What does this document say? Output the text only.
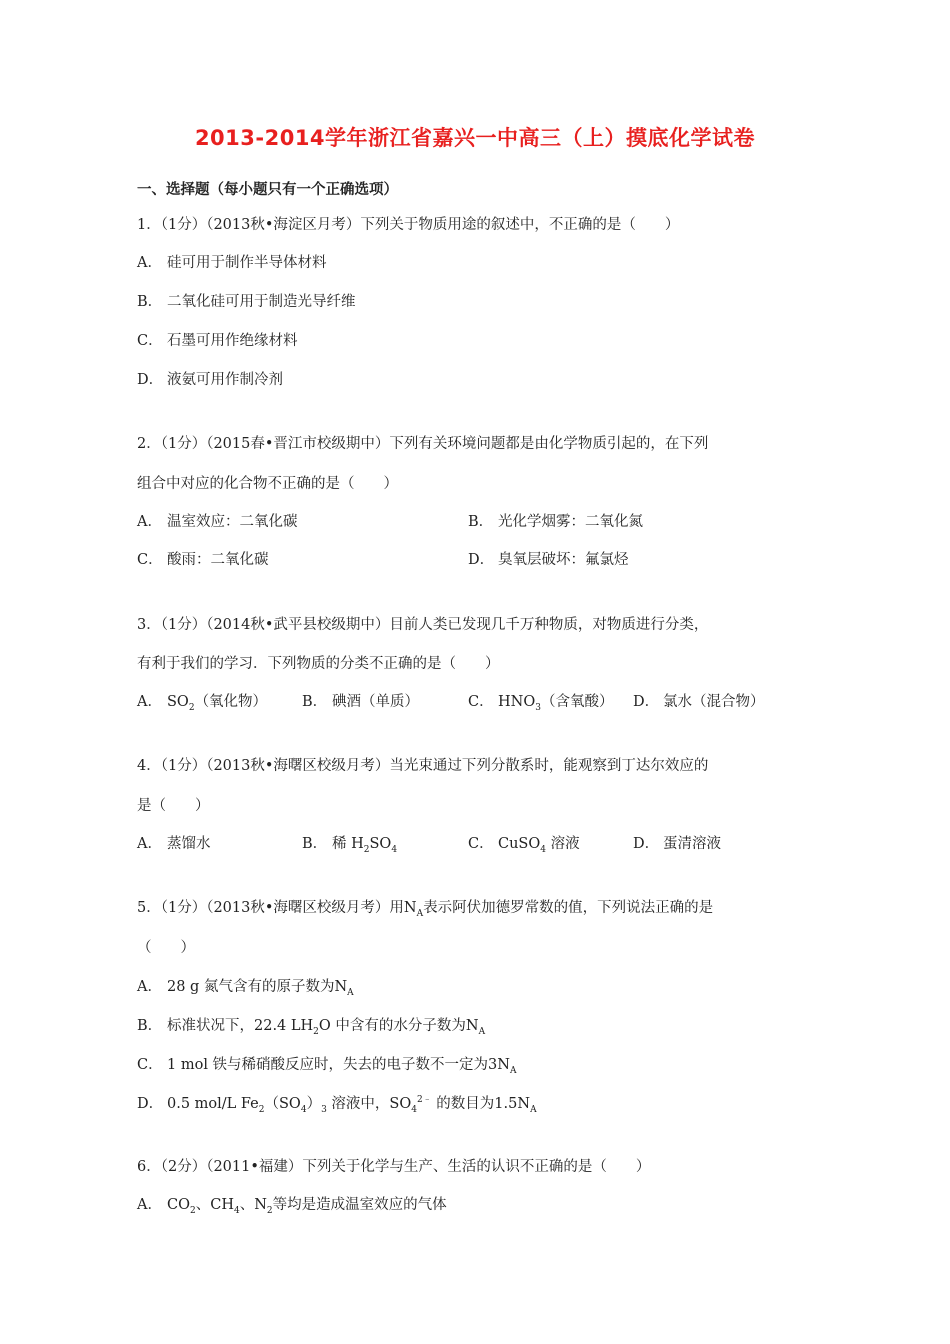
2013-2014学年浙江省嘉兴一中高三（上）摸底化学试卷
一、选择题（每小题只有一个正确选项）
1．（1分）（2013秋•海淀区月考）下列关于物质用途的叙述中，不正确的是（　　）
A． 硅可用于制作半导体材料
B． 二氧化硅可用于制造光导纤维
C． 石墨可用作绝缘材料
D． 液氨可用作制冷剂
2．（1分）（2015春•晋江市校级期中）下列有关环境问题都是由化学物质引起的，在下列
组合中对应的化合物不正确的是（　　）
A． 温室效应：二氧化碳	B． 光化学烟雾：二氧化氮
C． 酸雨：二氧化碳	D． 臭氧层破坏：氟氯烃
3．（1分）（2014秋•武平县校级期中）目前人类已发现几千万种物质，对物质进行分类，
有利于我们的学习．下列物质的分类不正确的是（　　）
A． $SO_2$（氧化物） B． 碘酒（单质）	C． $HNO_3$（含氧酸） D． 氯水（混合物）
4．（1分）（2013秋•海曙区校级月考）当光束通过下列分散系时，能观察到丁达尔效应的
是（　　）
A． 蒸馏水	B． 稀 $H_2SO_4$	C． CuSO$_4$ 溶液	D． 蛋清溶液
5．（1分）（2013秋•海曙区校级月考）用$N_A$表示阿伏加德罗常数的值，下列说法正确的是
（　　）
A． 28 g 氮气含有的原子数为$N_A$
B． 标准状况下，22.4 $LH_2O$ 中含有的水分子数为$N_A$
C． 1 mol 铁与稀硝酸反应时，失去的电子数不一定为$3N_A$
D． 0.5 mol/L $Fe_2(SO_4)_3$ 溶液中，$SO_4^{2﹣}$ 的数目为$1.5N_A$
6．（2分）（2011•福建）下列关于化学与生产、生活的认识不正确的是（　　）
A． $CO_2$、$CH_4$、$N_2$等均是造成温室效应的气体
